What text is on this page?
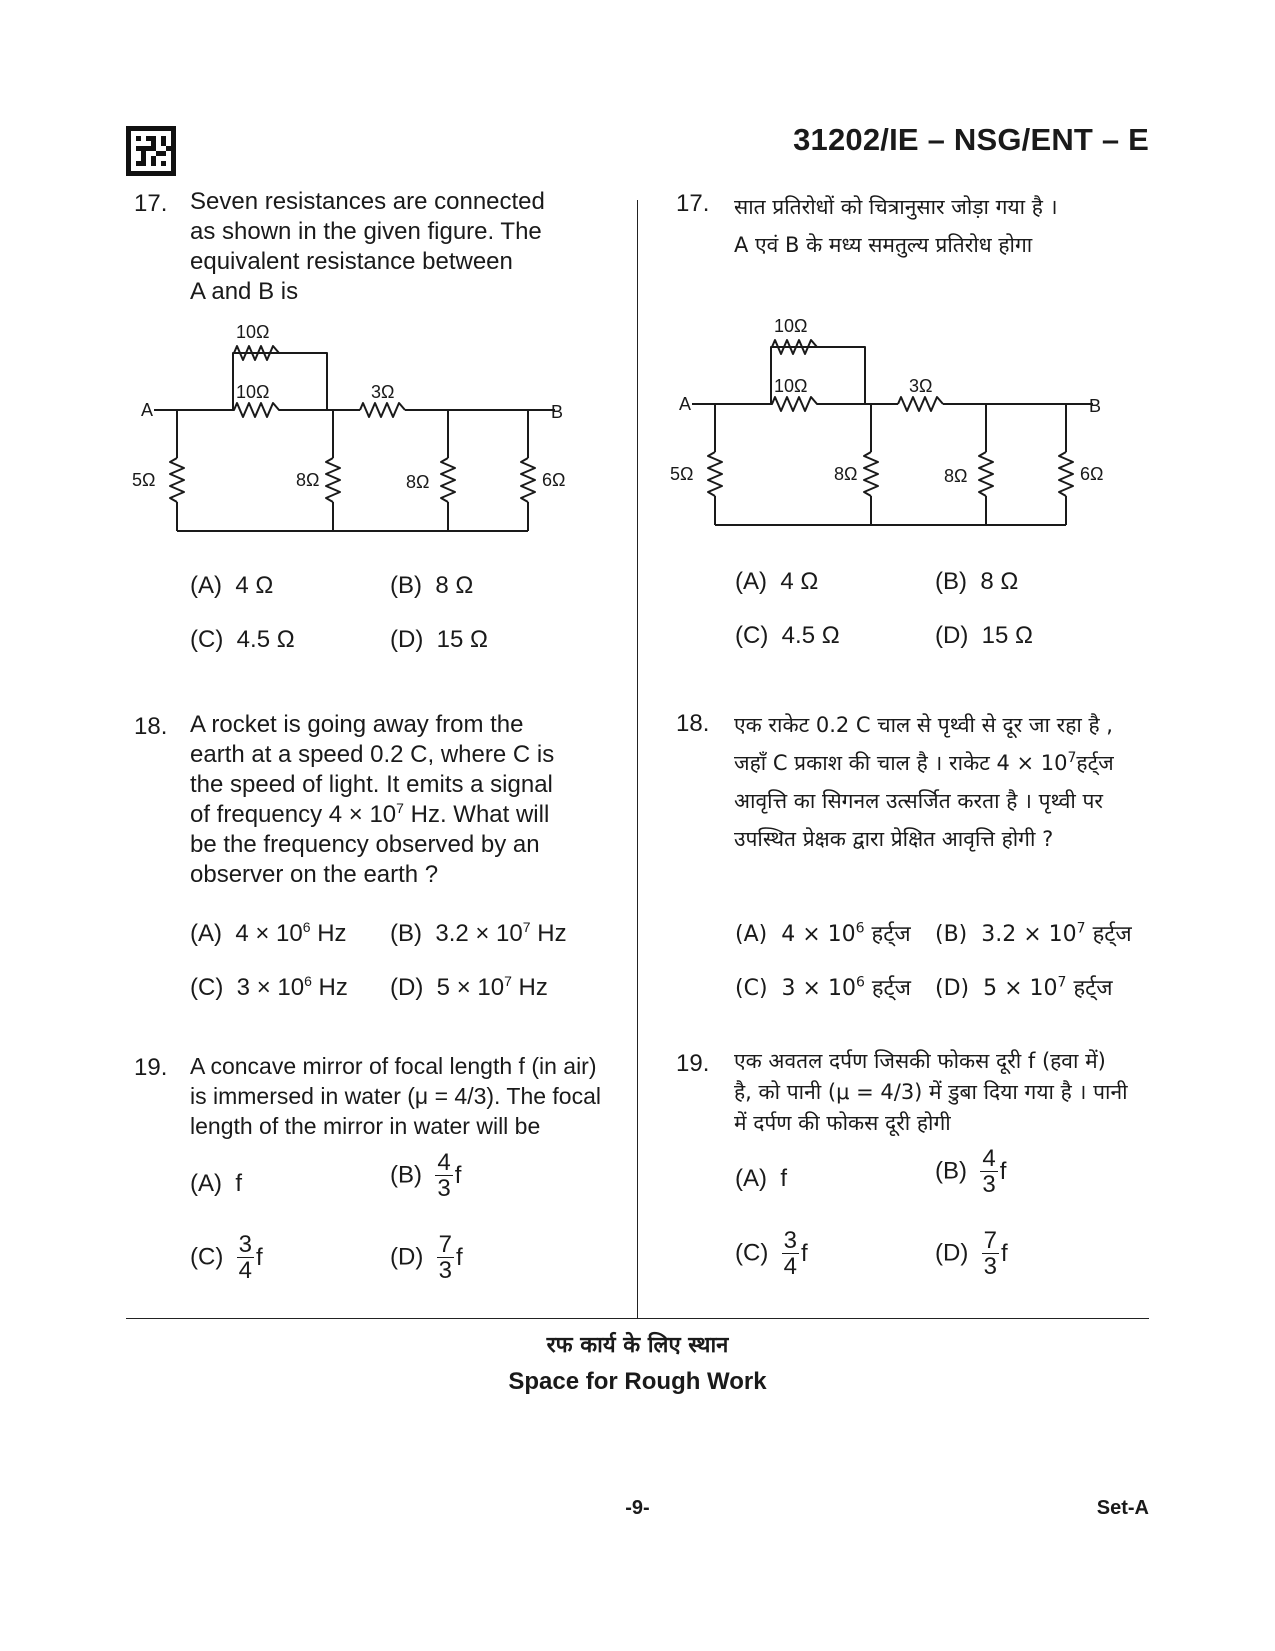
31202/IE – NSG/ENT – E
17. Seven resistances are connected
as shown in the given figure. The
equivalent resistance between
A and B is
A	B
10Ω
10Ω	3Ω
5Ω	8Ω	8Ω	6Ω
(A) 4 Ω	(B) 8 Ω
(C) 4.5 Ω	(D) 15 Ω
18. A rocket is going away from the
earth at a speed 0.2 C, where C is
the speed of light. It emits a signal
of frequency $4 \times 10^7$ Hz. What will
be the frequency observed by an
observer on the earth ?
(A) $4 \times 10^6$ Hz (B) $3.2 \times 10^7$ Hz
(C) $3 \times 10^6$ Hz (D) $5 \times 10^7$ Hz
19. A concave mirror of focal length f (in air)
is immersed in water (μ = 4/3). The focal
length of the mirror in water will be
(A) f	$(B) \frac{4}{3}$ f
$(C) \frac{3}{4}$ f	$(D) \frac{7}{3}$ f
17. सात प्रतिरोधों को चित्रानुसार जोड़ा गया है ।
A एवं B के मध्य समतुल्य प्रतिरोध होगा
A	B
10Ω
10Ω	3Ω
5Ω	8Ω	8Ω	6Ω
(A) 4 Ω	(B) 8 Ω
(C) 4.5 Ω	(D) 15 Ω
18. एक राकेट 0.2 C चाल से पृथ्वी से दूर जा रहा है ,
जहाँ C प्रकाश की चाल है । राकेट $4 \times 10^7हर्ट्ज$
आवृत्ति का सिगनल उत्सर्जित करता है । पृथ्वी पर
उपस्थित प्रेक्षक द्वारा प्रेक्षित आवृत्ति होगी ?
(A) $4 \times 10^6$ हर्ट्ज (B) $3.2 \times 10^7$ हर्ट्ज
(C) $3 \times 10^6$ हर्ट्ज (D) $5 \times 10^7$ हर्ट्ज
19. एक अवतल दर्पण जिसकी फोकस दूरी f (हवा में)
है, को पानी (μ = 4/3) में डुबा दिया गया है । पानी
में दर्पण की फोकस दूरी होगी
(A) f	$(B) \frac{4}{3}$ f
$(C) \frac{3}{4}$ f	$(D) \frac{7}{3}$ f
रफ कार्य के लिए स्थान
Space for Rough Work
-9-	Set-A
